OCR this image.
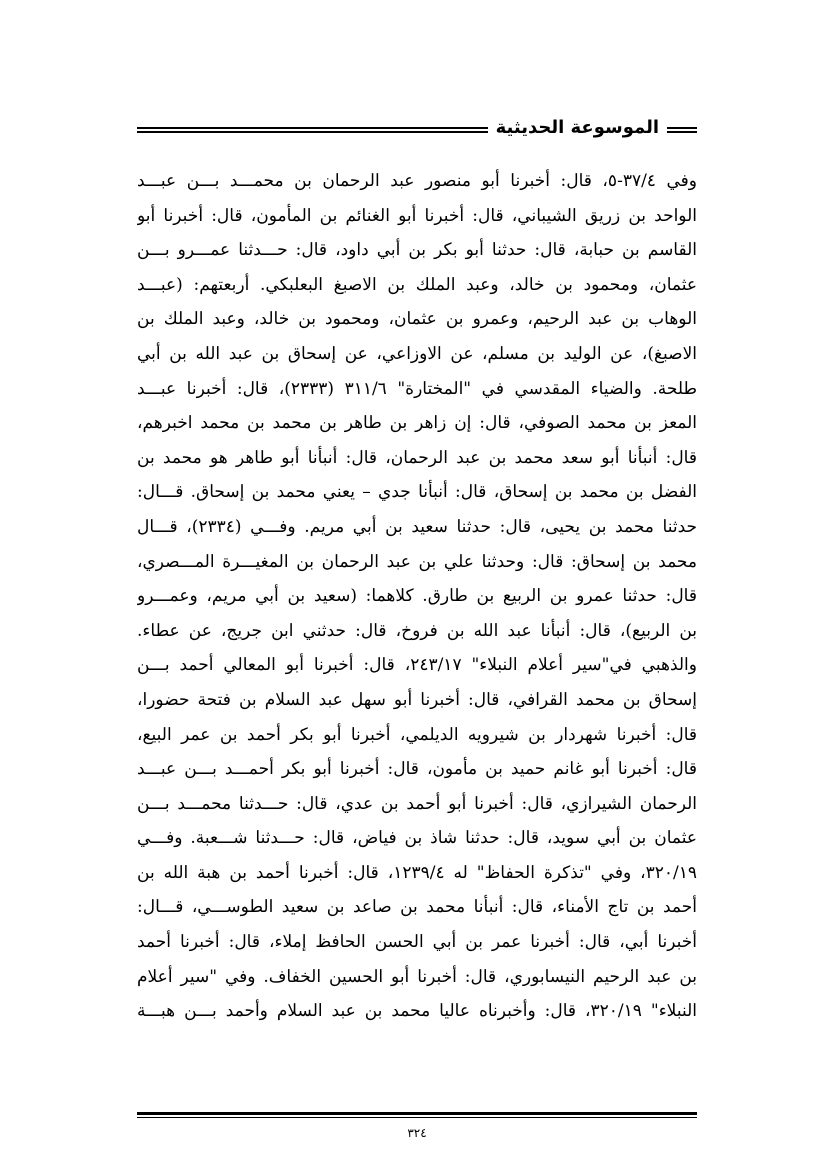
الموسوعة الحديثية
وفي ٣٧/٤-٥، قال: أخبرنا أبو منصور عبد الرحمان بن محمـــد بـــن عبـــد
الواحد بن زريق الشيباني، قال: أخبرنا أبو الغنائم بن المأمون، قال: أخبرنا أبو
القاسم بن حبابة، قال: حدثنا أبو بكر بن أبي داود، قال: حـــدثنا عمـــرو بـــن
عثمان، ومحمود بن خالد، وعبد الملك بن الاصبغ البعلبكي. أربعتهم: (عبـــد
الوهاب بن عبد الرحيم، وعمرو بن عثمان، ومحمود بن خالد، وعبد الملك بن
الاصبغ)، عن الوليد بن مسلم، عن الاوزاعي، عن إسحاق بن عبد الله بن أبي
طلحة. والضياء المقدسي في "المختارة" ٣١١/٦ (٢٣٣٣)، قال: أخبرنا عبـــد
المعز بن محمد الصوفي، قال: إن زاهر بن طاهر بن محمد بن محمد اخبرهم،
قال: أنبأنا أبو سعد محمد بن عبد الرحمان، قال: أنبأنا أبو طاهر هو محمد بن
الفضل بن محمد بن إسحاق، قال: أنبأنا جدي – يعني محمد بن إسحاق. قـــال:
حدثنا محمد بن يحيى، قال: حدثنا سعيد بن أبي مريم. وفـــي (٢٣٣٤)، قـــال
محمد بن إسحاق: قال: وحدثنا علي بن عبد الرحمان بن المغيـــرة المـــصري،
قال: حدثنا عمرو بن الربيع بن طارق. كلاهما: (سعيد بن أبي مريم، وعمـــرو
بن الربيع)، قال: أنبأنا عبد الله بن فروخ، قال: حدثني ابن جريج، عن عطاء.
والذهبي في"سير أعلام النبلاء" ٢٤٣/١٧، قال: أخبرنا أبو المعالي أحمد بـــن
إسحاق بن محمد القرافي، قال: أخبرنا أبو سهل عبد السلام بن فتحة حضورا،
قال: أخبرنا شهردار بن شيرويه الديلمي، أخبرنا أبو بكر أحمد بن عمر البيع،
قال: أخبرنا أبو غانم حميد بن مأمون، قال: أخبرنا أبو بكر أحمـــد بـــن عبـــد
الرحمان الشيرازي، قال: أخبرنا أبو أحمد بن عدي، قال: حـــدثنا محمـــد بـــن
عثمان بن أبي سويد، قال: حدثنا شاذ بن فياض، قال: حـــدثنا شـــعبة. وفـــي
٣٢٠/١٩، وفي "تذكرة الحفاظ" له ١٢٣٩/٤، قال: أخبرنا أحمد بن هبة الله بن
أحمد بن تاج الأمناء، قال: أنبأنا محمد بن صاعد بن سعيد الطوســـي، قـــال:
أخبرنا أبي، قال: أخبرنا عمر بن أبي الحسن الحافظ إملاء، قال: أخبرنا أحمد
بن عبد الرحيم النيسابوري، قال: أخبرنا أبو الحسين الخفاف. وفي "سير أعلام
النبلاء" ٣٢٠/١٩، قال: وأخبرناه عاليا محمد بن عبد السلام وأحمد بـــن هبـــة
٣٢٤
